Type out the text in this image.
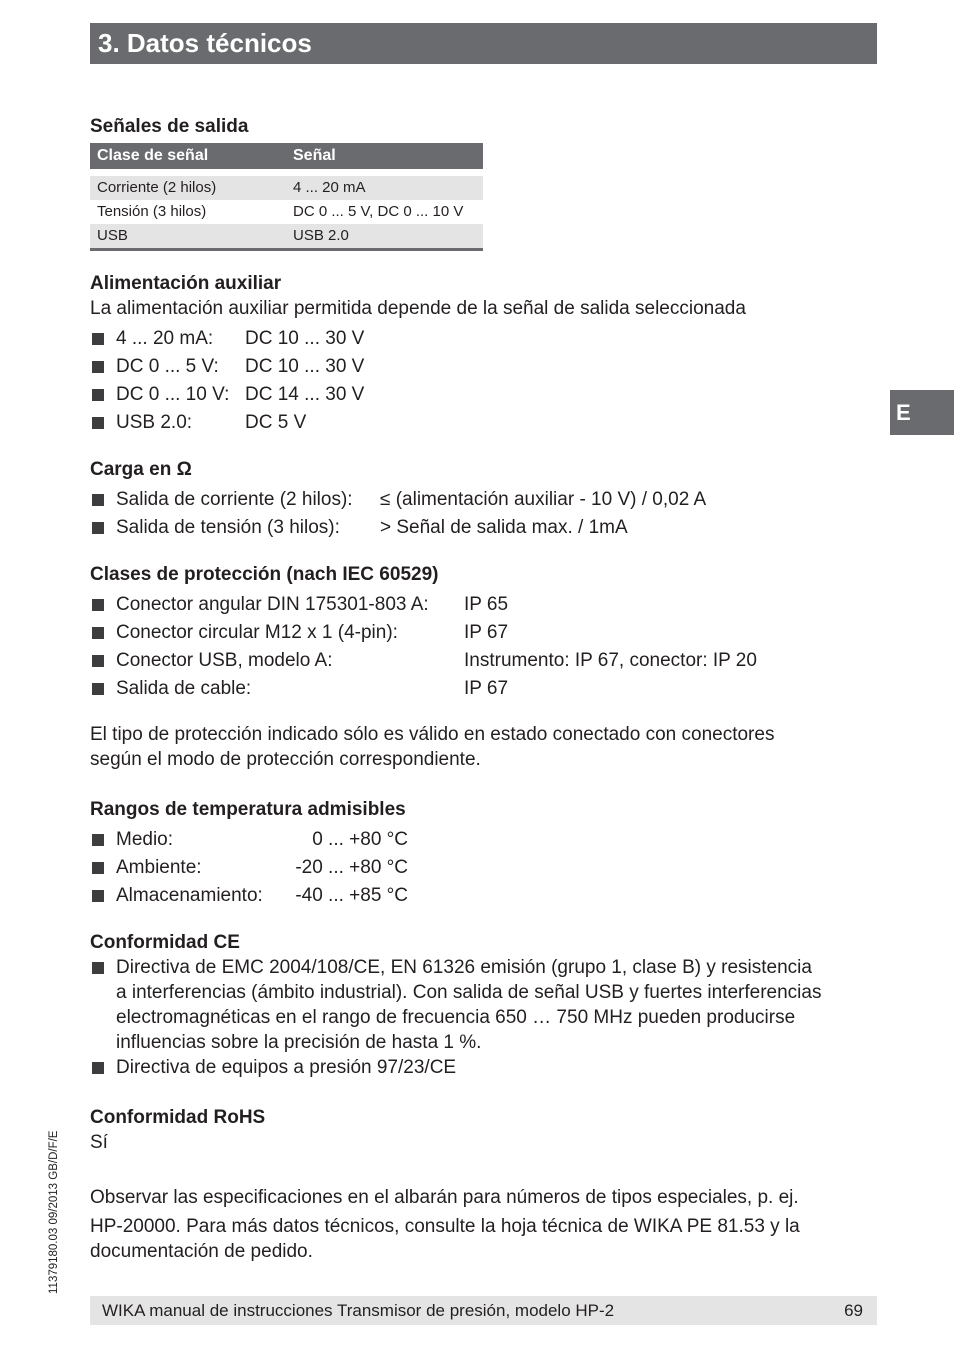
3. Datos técnicos
E
Señales de salida
Clase de señal	Señal
Corriente (2 hilos)	4 ... 20 mA
Tensión (3 hilos)	DC 0 ... 5 V, DC 0 ... 10 V
USB	USB 2.0
Alimentación auxiliar
La alimentación auxiliar permitida depende de la señal de salida seleccionada
4 ... 20 mA: DC 10 ... 30 V
DC 0 ... 5 V: DC 10 ... 30 V
DC 0 ... 10 V: DC 14 ... 30 V
USB 2.0:	DC 5 V
Carga en Ω
Salida de corriente (2 hilos): ≤ (alimentación auxiliar - 10 V) / 0,02 A
Salida de tensión (3 hilos): > Señal de salida max. / 1mA
Clases de protección (nach IEC 60529)
Conector angular DIN 175301-803 A: IP 65
Conector circular M12 x 1 (4-pin):	IP 67
Conector USB, modelo A:	Instrumento: IP 67, conector: IP 20
Salida de cable:	IP 67
El tipo de protección indicado sólo es válido en estado conectado con conectores
según el modo de protección correspondiente.
Rangos de temperatura admisibles
Medio:	0 ... +80 °C
Ambiente:	-20 ... +80 °C
Almacenamiento: -40 ... +85 °C
Conformidad CE
Directiva de EMC 2004/108/CE, EN 61326 emisión (grupo 1, clase B) y resistencia
a interferencias (ámbito industrial). Con salida de señal USB y fuertes interferencias
electromagnéticas en el rango de frecuencia 650 … 750 MHz pueden producirse
influencias sobre la precisión de hasta 1 %.
Directiva de equipos a presión 97/23/CE
Conformidad RoHS
Sí
Observar las especificaciones en el albarán para números de tipos especiales, p. ej.
HP-20000. Para más datos técnicos, consulte la hoja técnica de WIKA PE 81.53 y la
documentación de pedido.
11379180.03 09/2013 GB/D/F/E
WIKA manual de instrucciones Transmisor de presión, modelo HP-2	69
